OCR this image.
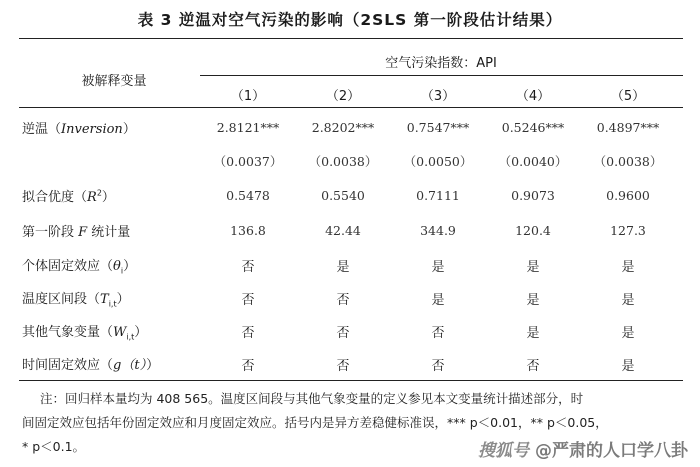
表 3 逆温对空气污染的影响（2SLS 第一阶段估计结果）
被解释变量
空气污染指数：API
（1）	（2）	（3）	（4）	（5）
逆温（Inversion）	2.8121***	2.8202***	0.7547***	0.5246***	0.4897***
（0.0037） （0.0038） （0.0050） （0.0040） （0.0038）
拟合优度$(R^2)$	0.5478	0.5540	0.7111	0.9073	0.9600
第一阶段 F 统计量	136.8	42.44	344.9	120.4	127.3
个体固定效应$(\theta_i)$	否	是	是	是	是
温度区间段$(T_{i,t})$	否	否	是	是	是
其他气象变量$(W_{i,t})$	否	否	否	是	是
时间固定效应（g（t））	否	否	否	否	是
注：回归样本量均为 408 565。温度区间段与其他气象变量的定义参见本文变量统计描述部分，时
间固定效应包括年份固定效应和月度固定效应。括号内是异方差稳健标准误，*** p＜0.01，** p＜0.05，
* p＜0.1。	搜狐号 @严肃的人口学八卦
